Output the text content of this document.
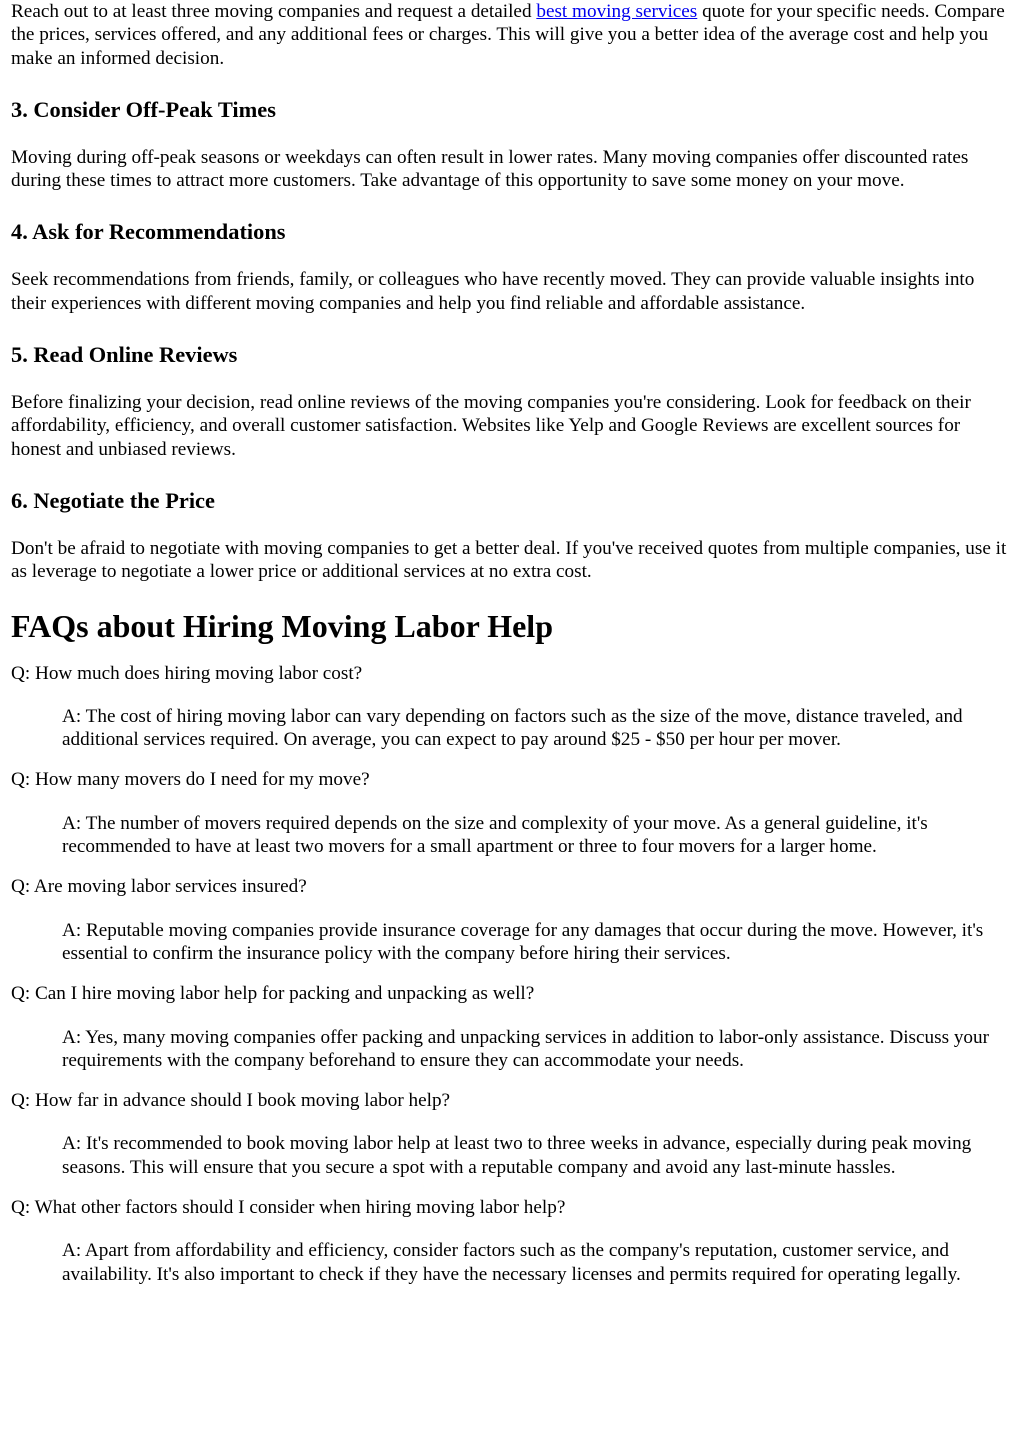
Reach out to at least three moving companies and request a detailed best moving services quote for your specific needs. Compare the prices, services offered, and any additional fees or charges. This will give you a better idea of the average cost and help you make an informed decision.

3. Consider Off-Peak Times

Moving during off-peak seasons or weekdays can often result in lower rates. Many moving companies offer discounted rates during these times to attract more customers. Take advantage of this opportunity to save some money on your move.

4. Ask for Recommendations

Seek recommendations from friends, family, or colleagues who have recently moved. They can provide valuable insights into their experiences with different moving companies and help you find reliable and affordable assistance.

5. Read Online Reviews

Before finalizing your decision, read online reviews of the moving companies you're considering. Look for feedback on their affordability, efficiency, and overall customer satisfaction. Websites like Yelp and Google Reviews are excellent sources for honest and unbiased reviews.

6. Negotiate the Price

Don't be afraid to negotiate with moving companies to get a better deal. If you've received quotes from multiple companies, use it as leverage to negotiate a lower price or additional services at no extra cost.

FAQs about Hiring Moving Labor Help

Q: How much does hiring moving labor cost?

A: The cost of hiring moving labor can vary depending on factors such as the size of the move, distance traveled, and additional services required. On average, you can expect to pay around $25 - $50 per hour per mover.

Q: How many movers do I need for my move?

A: The number of movers required depends on the size and complexity of your move. As a general guideline, it's recommended to have at least two movers for a small apartment or three to four movers for a larger home.

Q: Are moving labor services insured?

A: Reputable moving companies provide insurance coverage for any damages that occur during the move. However, it's essential to confirm the insurance policy with the company before hiring their services.

Q: Can I hire moving labor help for packing and unpacking as well?

A: Yes, many moving companies offer packing and unpacking services in addition to labor-only assistance. Discuss your requirements with the company beforehand to ensure they can accommodate your needs.

Q: How far in advance should I book moving labor help?

A: It's recommended to book moving labor help at least two to three weeks in advance, especially during peak moving seasons. This will ensure that you secure a spot with a reputable company and avoid any last-minute hassles.

Q: What other factors should I consider when hiring moving labor help?

A: Apart from affordability and efficiency, consider factors such as the company's reputation, customer service, and availability. It's also important to check if they have the necessary licenses and permits required for operating legally.
